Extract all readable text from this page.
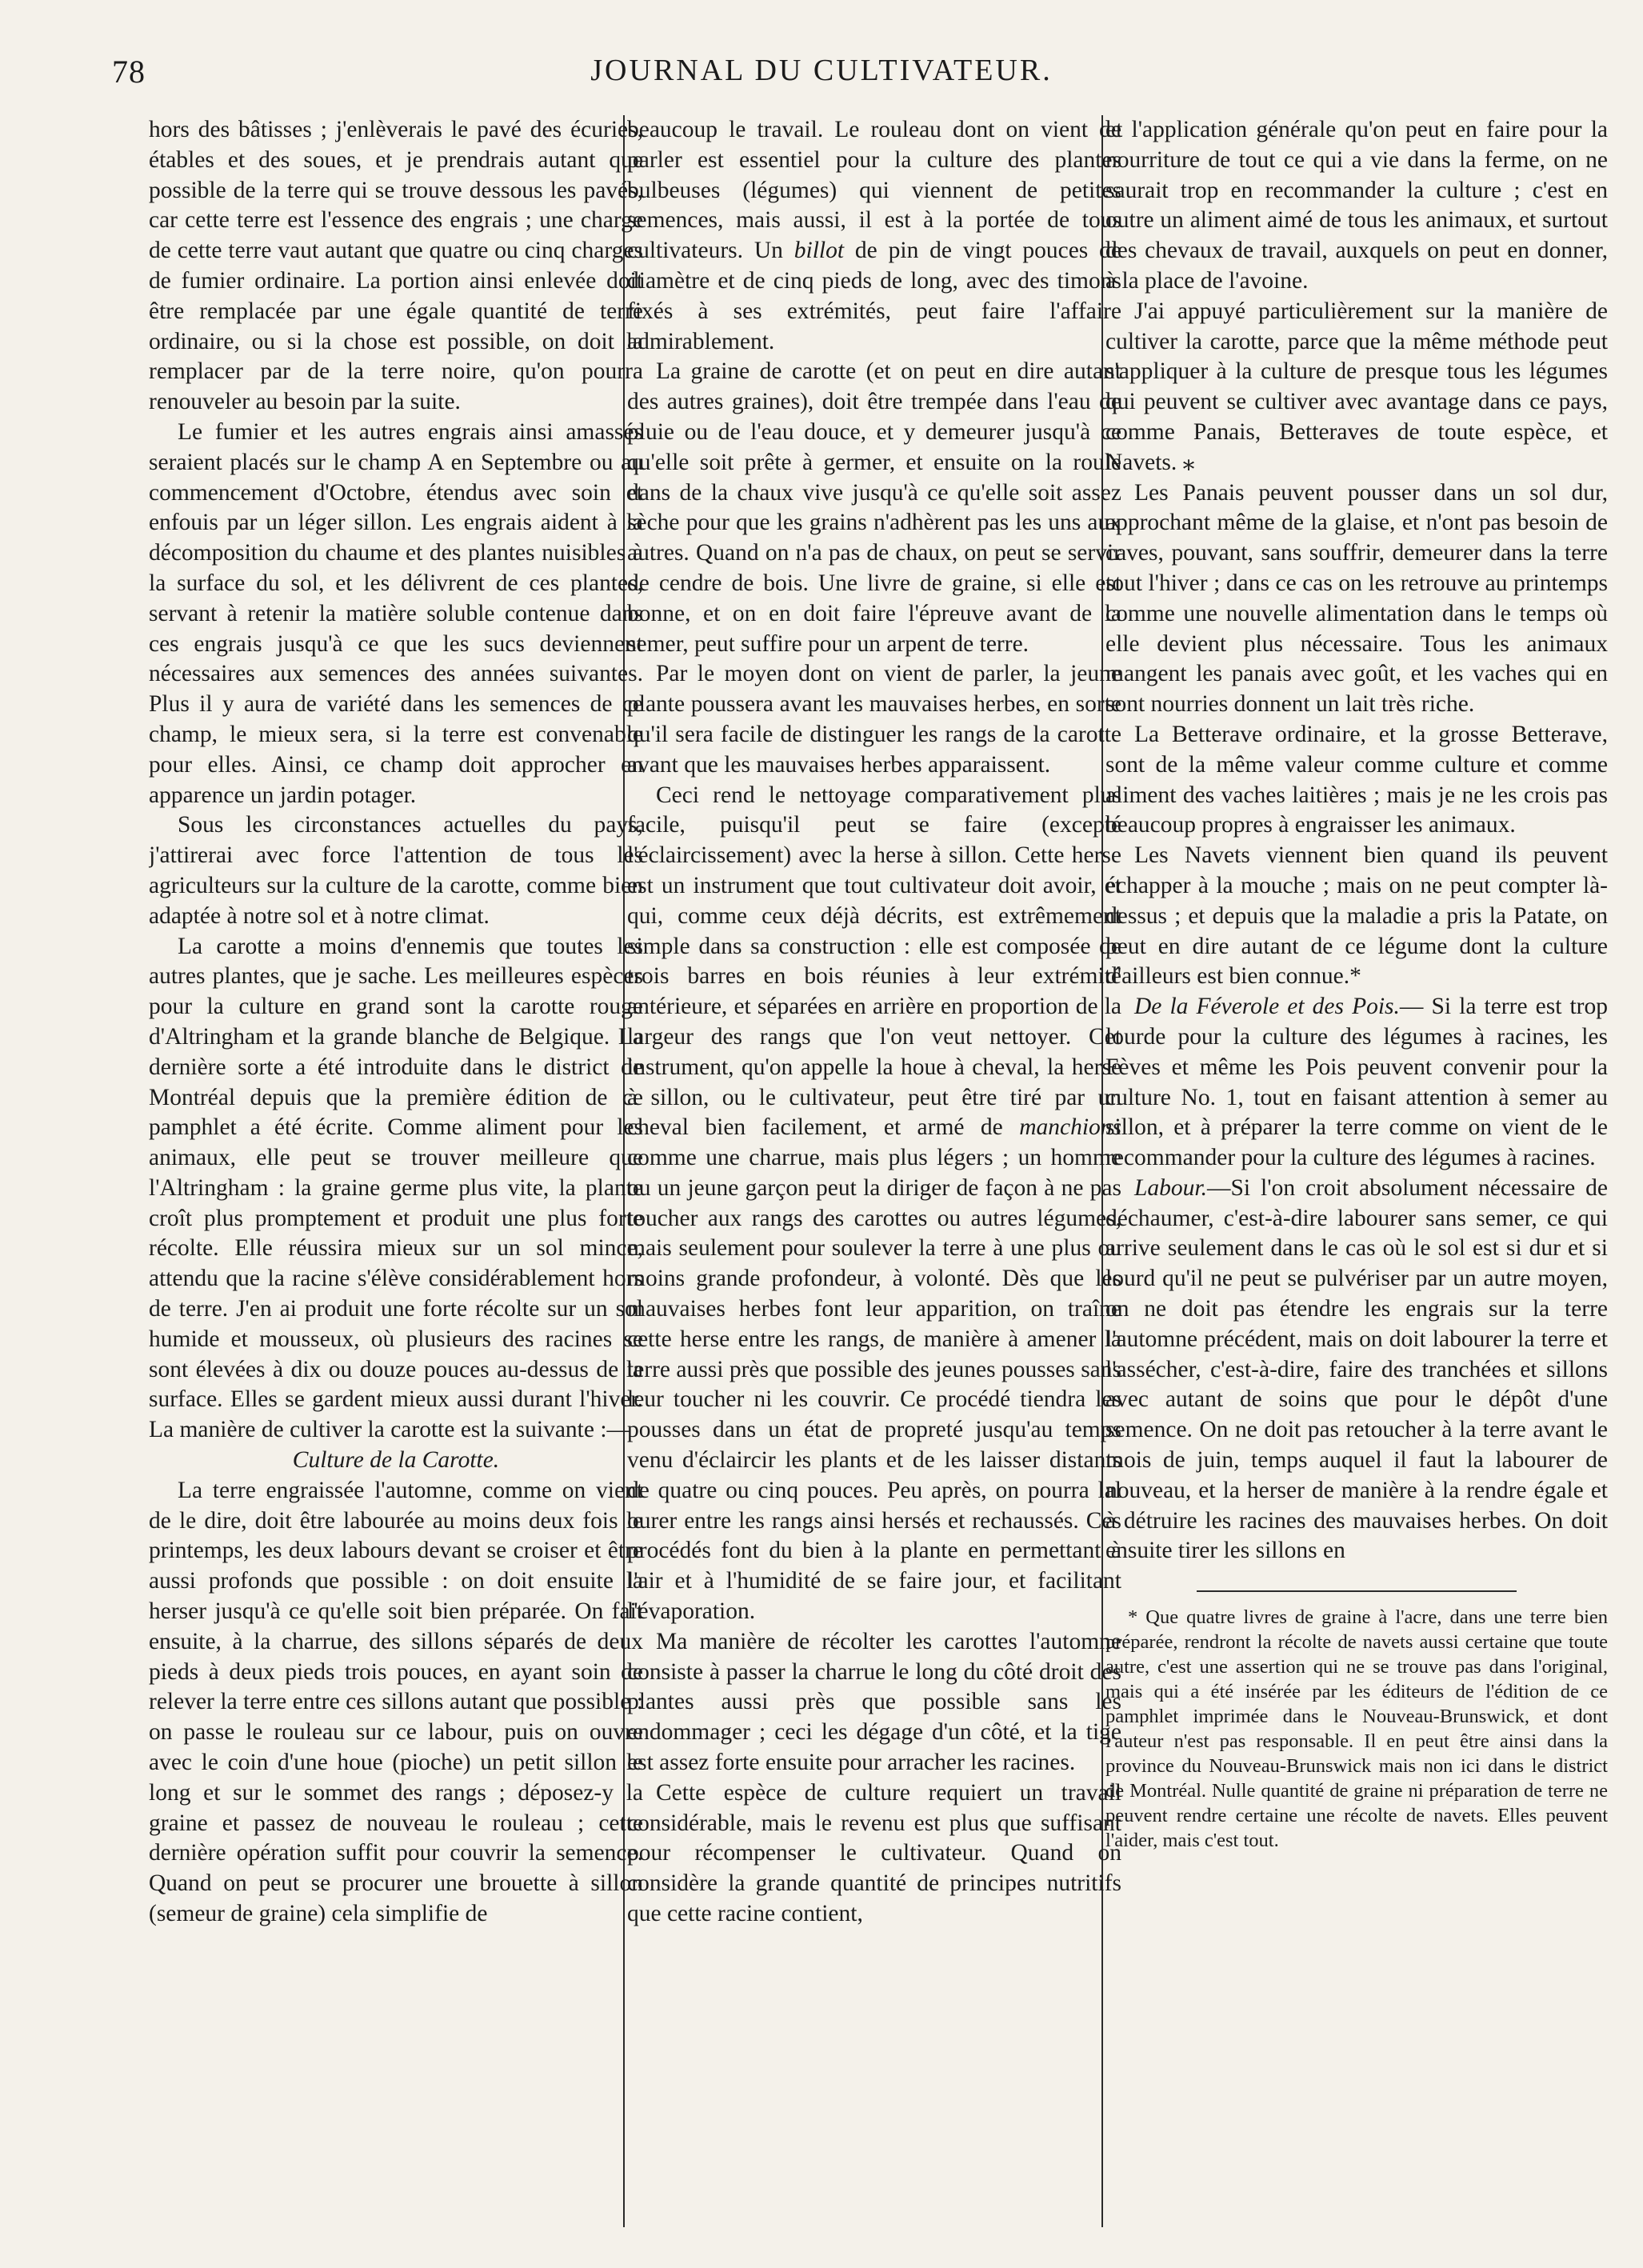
78	JOURNAL DU CULTIVATEUR.

hors des bâtisses ; j'enlèverais le pavé des écuries, étables et des soues, et je prendrais autant que possible de la terre qui se trouve dessous les pavés, car cette terre est l'essence des engrais ; une charge de cette terre vaut autant que quatre ou cinq charges de fumier ordinaire. La portion ainsi enlevée doit être remplacée par une égale quantité de terre ordinaire, ou si la chose est possible, on doit la remplacer par de la terre noire, qu'on pourra renouveler au besoin par la suite.

Le fumier et les autres engrais ainsi amassés seraient placés sur le champ A en Septembre ou au commencement d'Octobre, étendus avec soin et enfouis par un léger sillon. Les engrais aident à la décomposition du chaume et des plantes nuisibles à la surface du sol, et les délivrent de ces plantes, servant à retenir la matière soluble contenue dans ces engrais jusqu'à ce que les sucs deviennent nécessaires aux semences des années suivantes. Plus il y aura de variété dans les semences de ce champ, le mieux sera, si la terre est convenable pour elles. Ainsi, ce champ doit approcher en apparence un jardin potager.

Sous les circonstances actuelles du pays, j'attirerai avec force l'attention de tous les agriculteurs sur la culture de la carotte, comme bien adaptée à notre sol et à notre climat.

La carotte a moins d'ennemis que toutes les autres plantes, que je sache. Les meilleures espèces pour la culture en grand sont la carotte rouge d'Altringham et la grande blanche de Belgique. La dernière sorte a été introduite dans le district de Montréal depuis que la première édition de ce pamphlet a été écrite. Comme aliment pour les animaux, elle peut se trouver meilleure que l'Altringham : la graine germe plus vite, la plante croît plus promptement et produit une plus forte récolte. Elle réussira mieux sur un sol mince, attendu que la racine s'élève considérablement hors de terre. J'en ai produit une forte récolte sur un sol humide et mousseux, où plusieurs des racines se sont élevées à dix ou douze pouces au-dessus de la surface. Elles se gardent mieux aussi durant l'hiver. La manière de cultiver la carotte est la suivante :—

Culture de la Carotte.

La terre engraissée l'automne, comme on vient de le dire, doit être labourée au moins deux fois le printemps, les deux labours devant se croiser et être aussi profonds que possible : on doit ensuite la herser jusqu'à ce qu'elle soit bien préparée. On fait ensuite, à la charrue, des sillons séparés de deux pieds à deux pieds trois pouces, en ayant soin de relever la terre entre ces sillons autant que possible : on passe le rouleau sur ce labour, puis on ouvre avec le coin d'une houe (pioche) un petit sillon le long et sur le sommet des rangs ; déposez-y la graine et passez de nouveau le rouleau ; cette dernière opération suffit pour couvrir la semence. Quand on peut se procurer une brouette à sillon (semeur de graine) cela simplifie de

beaucoup le travail. Le rouleau dont on vient de parler est essentiel pour la culture des plantes bulbeuses (légumes) qui viennent de petites semences, mais aussi, il est à la portée de tous cultivateurs. Un billot de pin de vingt pouces de diamètre et de cinq pieds de long, avec des timons fixés à ses extrémités, peut faire l'affaire admirablement.

La graine de carotte (et on peut en dire autant des autres graines), doit être trempée dans l'eau de pluie ou de l'eau douce, et y demeurer jusqu'à ce qu'elle soit prête à germer, et ensuite on la roule dans de la chaux vive jusqu'à ce qu'elle soit assez sèche pour que les grains n'adhèrent pas les uns aux autres. Quand on n'a pas de chaux, on peut se servir de cendre de bois. Une livre de graine, si elle est bonne, et on en doit faire l'épreuve avant de la semer, peut suffire pour un arpent de terre.

Par le moyen dont on vient de parler, la jeune plante poussera avant les mauvaises herbes, en sorte qu'il sera facile de distinguer les rangs de la carotte avant que les mauvaises herbes apparaissent.

Ceci rend le nettoyage comparativement plus facile, puisqu'il peut se faire (excepté l'éclaircissement) avec la herse à sillon. Cette herse est un instrument que tout cultivateur doit avoir, et qui, comme ceux déjà décrits, est extrêmement simple dans sa construction : elle est composée de trois barres en bois réunies à leur extrémité antérieure, et séparées en arrière en proportion de la largeur des rangs que l'on veut nettoyer. Cet instrument, qu'on appelle la houe à cheval, la herse à sillon, ou le cultivateur, peut être tiré par un cheval bien facilement, et armé de manchions comme une charrue, mais plus légers ; un homme ou un jeune garçon peut la diriger de façon à ne pas toucher aux rangs des carottes ou autres légumes, mais seulement pour soulever la terre à une plus ou moins grande profondeur, à volonté. Dès que les mauvaises herbes font leur apparition, on traîne cette herse entre les rangs, de manière à amener la terre aussi près que possible des jeunes pousses sans leur toucher ni les couvrir. Ce procédé tiendra les pousses dans un état de propreté jusqu'au temps venu d'éclaircir les plants et de les laisser distants de quatre ou cinq pouces. Peu après, on pourra lal ourer entre les rangs ainsi hersés et rechaussés. Ces procédés font du bien à la plante en permettant à l'air et à l'humidité de se faire jour, et facilitant l'évaporation.

Ma manière de récolter les carottes l'automne consiste à passer la charrue le long du côté droit des plantes aussi près que possible sans les endommager ; ceci les dégage d'un côté, et la tige est assez forte ensuite pour arracher les racines.

Cette espèce de culture requiert un travail considérable, mais le revenu est plus que suffisant pour récompenser le cultivateur. Quand on considère la grande quantité de principes nutritifs que cette racine contient,

et l'application générale qu'on peut en faire pour la nourriture de tout ce qui a vie dans la ferme, on ne saurait trop en recommander la culture ; c'est en outre un aliment aimé de tous les animaux, et surtout des chevaux de travail, auxquels on peut en donner, à la place de l'avoine.

J'ai appuyé particulièrement sur la manière de cultiver la carotte, parce que la même méthode peut s'appliquer à la culture de presque tous les légumes qui peuvent se cultiver avec avantage dans ce pays, comme Panais, Betteraves de toute espèce, et Navets. ⁎

Les Panais peuvent pousser dans un sol dur, approchant même de la glaise, et n'ont pas besoin de caves, pouvant, sans souffrir, demeurer dans la terre tout l'hiver ; dans ce cas on les retrouve au printemps comme une nouvelle alimentation dans le temps où elle devient plus nécessaire. Tous les animaux mangent les panais avec goût, et les vaches qui en sont nourries donnent un lait très riche.

La Betterave ordinaire, et la grosse Betterave, sont de la même valeur comme culture et comme aliment des vaches laitières ; mais je ne les crois pas beaucoup propres à engraisser les animaux.

Les Navets viennent bien quand ils peuvent échapper à la mouche ; mais on ne peut compter là-dessus ; et depuis que la maladie a pris la Patate, on peut en dire autant de ce légume dont la culture d'ailleurs est bien connue.*

De la Féverole et des Pois.— Si la terre est trop lourde pour la culture des légumes à racines, les Fèves et même les Pois peuvent convenir pour la culture No. 1, tout en faisant attention à semer au sillon, et à préparer la terre comme on vient de le recommander pour la culture des légumes à racines.

Labour.—Si l'on croit absolument nécessaire de déchaumer, c'est-à-dire labourer sans semer, ce qui arrive seulement dans le cas où le sol est si dur et si lourd qu'il ne peut se pulvériser par un autre moyen, on ne doit pas étendre les engrais sur la terre l'automne précédent, mais on doit labourer la terre et l'assécher, c'est-à-dire, faire des tranchées et sillons avec autant de soins que pour le dépôt d'une semence. On ne doit pas retoucher à la terre avant le mois de juin, temps auquel il faut la labourer de nouveau, et la herser de manière à la rendre égale et à détruire les racines des mauvaises herbes. On doit ensuite tirer les sillons en

* Que quatre livres de graine à l'acre, dans une terre bien préparée, rendront la récolte de navets aussi certaine que toute autre, c'est une assertion qui ne se trouve pas dans l'original, mais qui a été insérée par les éditeurs de l'édition de ce pamphlet imprimée dans le Nouveau-Brunswick, et dont l'auteur n'est pas responsable. Il en peut être ainsi dans la province du Nouveau-Brunswick mais non ici dans le district de Montréal. Nulle quantité de graine ni préparation de terre ne peuvent rendre certaine une récolte de navets. Elles peuvent l'aider, mais c'est tout.
